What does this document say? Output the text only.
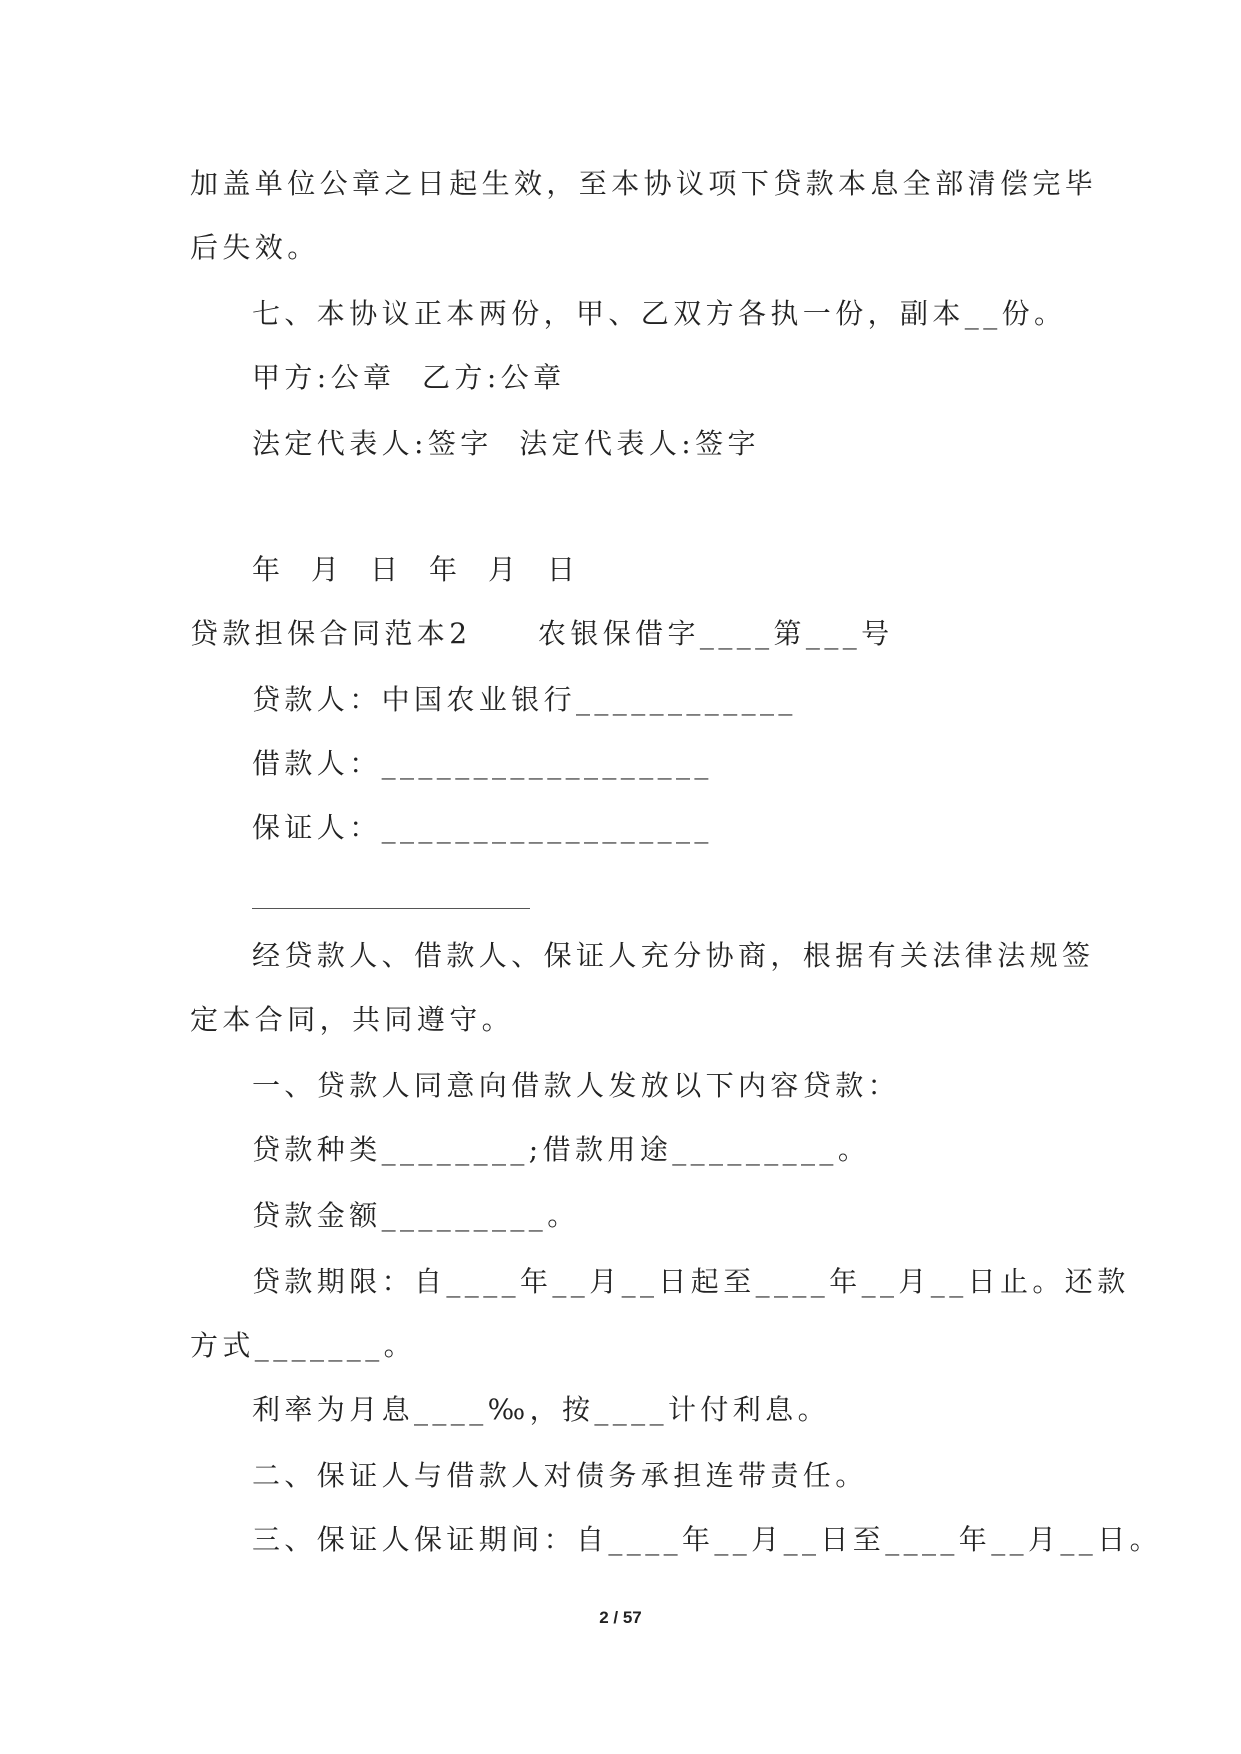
加盖单位公章之日起生效，至本协议项下贷款本息全部清偿完毕
后失效。
七、本协议正本两份，甲、乙双方各执一份，副本__份。
甲方:公章  乙方:公章
法定代表人:签字  法定代表人:签字
年  月  日  年  月  日
贷款担保合同范本2     农银保借字____第___号
贷款人：中国农业银行____________
借款人：__________________
保证人：__________________
经贷款人、借款人、保证人充分协商，根据有关法律法规签
定本合同，共同遵守。
一、贷款人同意向借款人发放以下内容贷款：
贷款种类________;借款用途_________。
贷款金额_________。
贷款期限：自____年__月__日起至____年__月__日止。还款
方式_______。
利率为月息____‰，按____计付利息。
二、保证人与借款人对债务承担连带责任。
三、保证人保证期间：自____年__月__日至____年__月__日。
2 / 57
